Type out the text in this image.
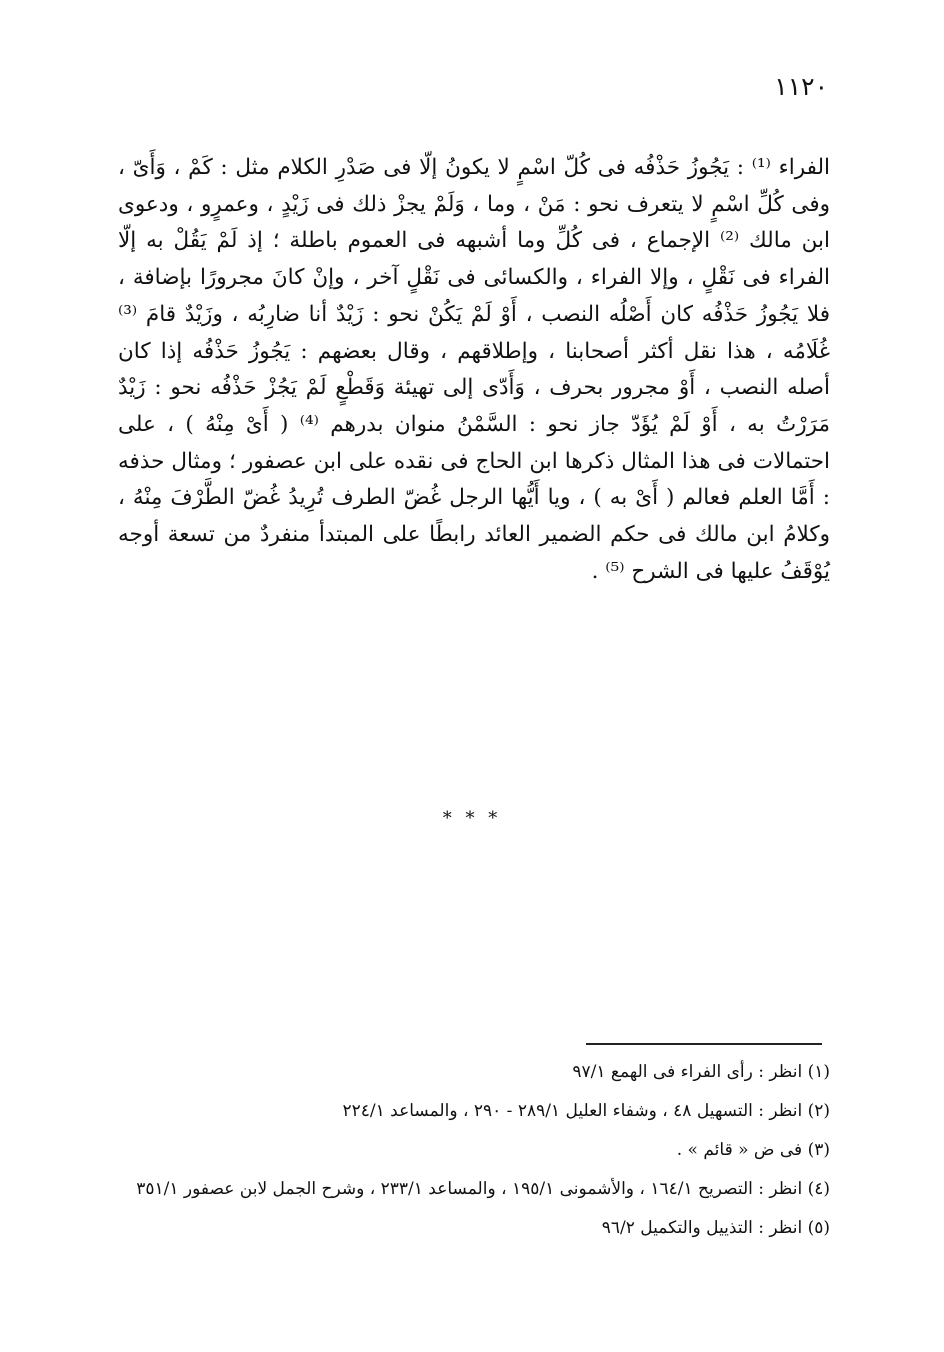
١١٢٠

الفراء ⁽¹⁾ : يَجُوزُ حَذْفُه فى كُلّ اسْمٍ لا يكونُ إلّا فى صَدْرِ الكلام مثل : كَمْ ، وَأَىّ ، وفى كُلِّ اسْمٍ لا يتعرف نحو : مَنْ ، وما ، وَلَمْ يجزْ ذلك فى زَيْدٍ ، وعمرٍو ، ودعوى ابن مالك ⁽²⁾ الإجماع ، فى كُلِّ وما أشبهه فى العموم باطلة ؛ إذ لَمْ يَقُلْ به إلّا الفراء فى نَقْلٍ ، وإلا الفراء ، والكسائى فى نَقْلٍ آخر ، وإنْ كانَ مجرورًا بإضافة ، فلا يَجُوزُ حَذْفُه كان أَصْلُه النصب ، أَوْ لَمْ يَكُنْ نحو : زَيْدٌ أنا ضارِبُه ، وزَيْدٌ قامَ ⁽³⁾ غُلَامُه ، هذا نقل أكثر أصحابنا ، وإطلاقهم ، وقال بعضهم : يَجُوزُ حَذْفُه إذا كان أصله النصب ، أَوْ مجرور بحرف ، وَأَدّى إلى تهيئة وَقَطْعٍ لَمْ يَجُزْ حَذْفُه نحو : زَيْدٌ مَرَرْتُ به ، أَوْ لَمْ يُؤَدّ جاز نحو : السَّمْنُ منوان بدرهم ⁽⁴⁾ ( أَىْ مِنْهُ ) ، على احتمالات فى هذا المثال ذكرها ابن الحاج فى نقده على ابن عصفور ؛ ومثال حذفه : أَمَّا العلم فعالم ( أَىْ به ) ، ويا أَيُّها الرجل غُضّ الطرف تُرِيدُ غُضّ الطَّرْفَ مِنْهُ ، وكلامُ ابن مالك فى حكم الضمير العائد رابطًا على المبتدأ منفردٌ من تسعة أوجه يُوْقَفُ عليها فى الشرح ⁽⁵⁾ .

* * *

(١) انظر : رأى الفراء فى الهمع ٩٧/١

(٢) انظر : التسهيل ٤٨ ، وشفاء العليل ٢٨٩/١ - ٢٩٠ ، والمساعد ٢٢٤/١

(٣) فى ض « قائم » .

(٤) انظر : التصريح ١٦٤/١ ، والأشمونى ١٩٥/١ ، والمساعد ٢٣٣/١ ، وشرح الجمل لابن عصفور ٣٥١/١

(٥) انظر : التذييل والتكميل ٩٦/٢
